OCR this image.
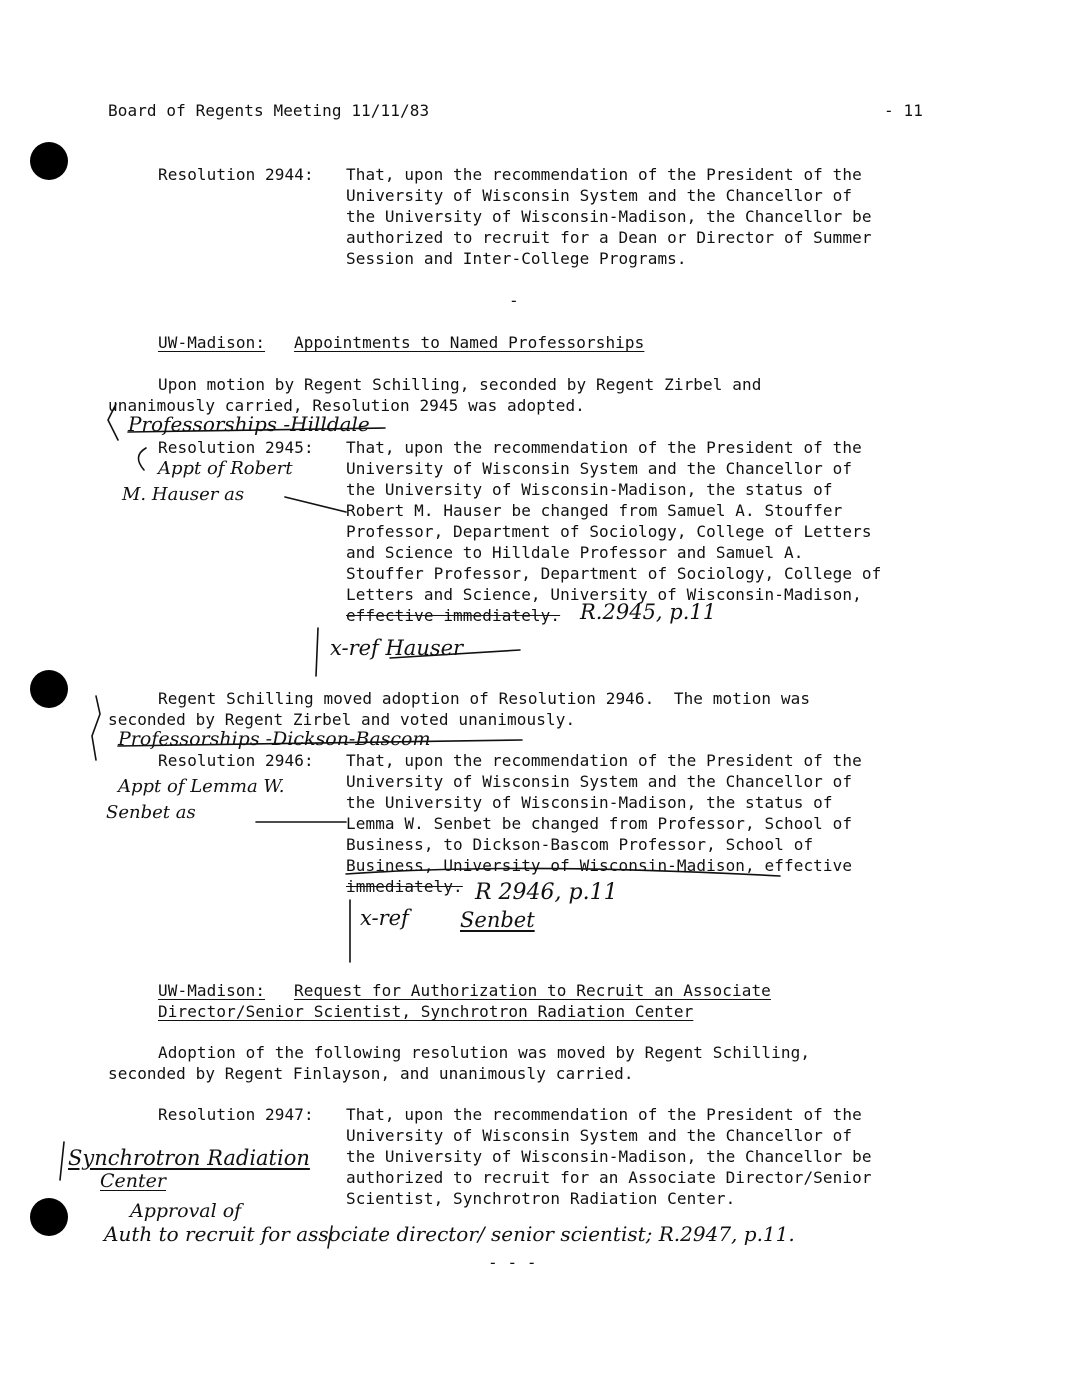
Board of Regents Meeting 11/11/83	- 11
Resolution 2944: That, upon the recommendation of the President of the
University of Wisconsin System and the Chancellor of
the University of Wisconsin-Madison, the Chancellor be
authorized to recruit for a Dean or Director of Summer
Session and Inter-College Programs.
-
UW-Madison: Appointments to Named Professorships
Upon motion by Regent Schilling, seconded by Regent Zirbel and
unanimously carried, Resolution 2945 was adopted.
Resolution 2945: That, upon the recommendation of the President of the
University of Wisconsin System and the Chancellor of
the University of Wisconsin-Madison, the status of
Robert M. Hauser be changed from Samuel A. Stouffer
Professor, Department of Sociology, College of Letters
and Science to Hilldale Professor and Samuel A.
Stouffer Professor, Department of Sociology, College of
Letters and Science, University of Wisconsin-Madison,
effective immediately.
Regent Schilling moved adoption of Resolution 2946.  The motion was
seconded by Regent Zirbel and voted unanimously.
Resolution 2946: That, upon the recommendation of the President of the
University of Wisconsin System and the Chancellor of
the University of Wisconsin-Madison, the status of
Lemma W. Senbet be changed from Professor, School of
Business, to Dickson-Bascom Professor, School of
Business, University of Wisconsin-Madison, effective
immediately.
UW-Madison: Request for Authorization to Recruit an Associate
Director/Senior Scientist, Synchrotron Radiation Center
Adoption of the following resolution was moved by Regent Schilling,
seconded by Regent Finlayson, and unanimously carried.
Resolution 2947: That, upon the recommendation of the President of the
University of Wisconsin System and the Chancellor of
the University of Wisconsin-Madison, the Chancellor be
authorized to recruit for an Associate Director/Senior
Scientist, Synchrotron Radiation Center.
- - -
Professorships -Hilldale
Appt of Robert
M. Hauser as
R.2945, p.11
x-ref Hauser
Professorships -Dickson-Bascom
Appt of Lemma W.
Senbet as
R 2946, p.11
x-ref Senbet
Synchrotron Radiation
Center
Approval of
Auth to recruit for associate director/ senior scientist; R.2947, p.11.
